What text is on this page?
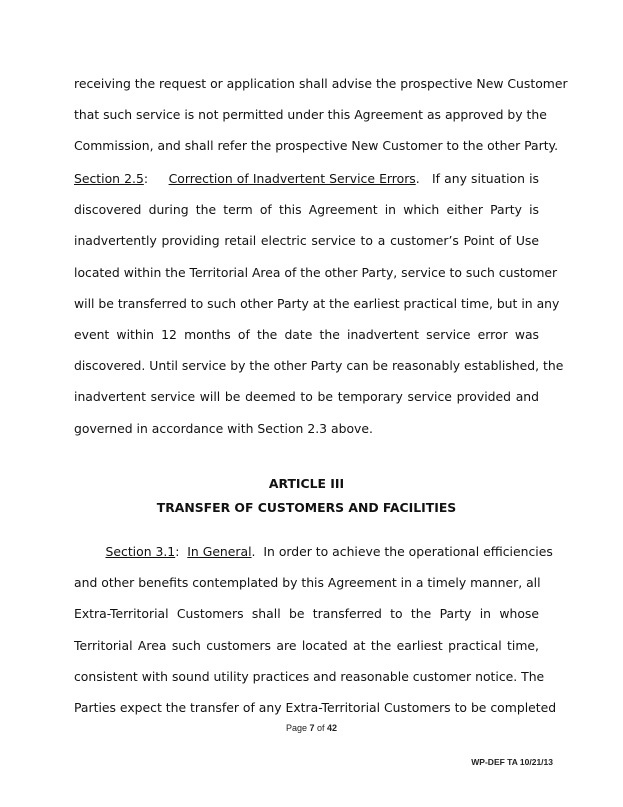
receiving the request or application shall advise the prospective New Customer
that such service is not permitted under this Agreement as approved by the
Commission, and shall refer the prospective New Customer to the other Party.
Section 2.5:     Correction of Inadvertent Service Errors.   If any situation is
discovered during the term of this Agreement in which either Party is
inadvertently providing retail electric service to a customer’s Point of Use
located within the Territorial Area of the other Party, service to such customer
will be transferred to such other Party at the earliest practical time, but in any
event within 12 months of the date the inadvertent service error was
discovered. Until service by the other Party can be reasonably established, the
inadvertent service will be deemed to be temporary service provided and
governed in accordance with Section 2.3 above.
ARTICLE III
TRANSFER OF CUSTOMERS AND FACILITIES
Section 3.1:  In General.  In order to achieve the operational efficiencies
and other benefits contemplated by this Agreement in a timely manner, all
Extra-Territorial Customers shall be transferred to the Party in whose
Territorial Area such customers are located at the earliest practical time,
consistent with sound utility practices and reasonable customer notice. The
Parties expect the transfer of any Extra-Territorial Customers to be completed
Page 7 of 42
WP-DEF TA 10/21/13
